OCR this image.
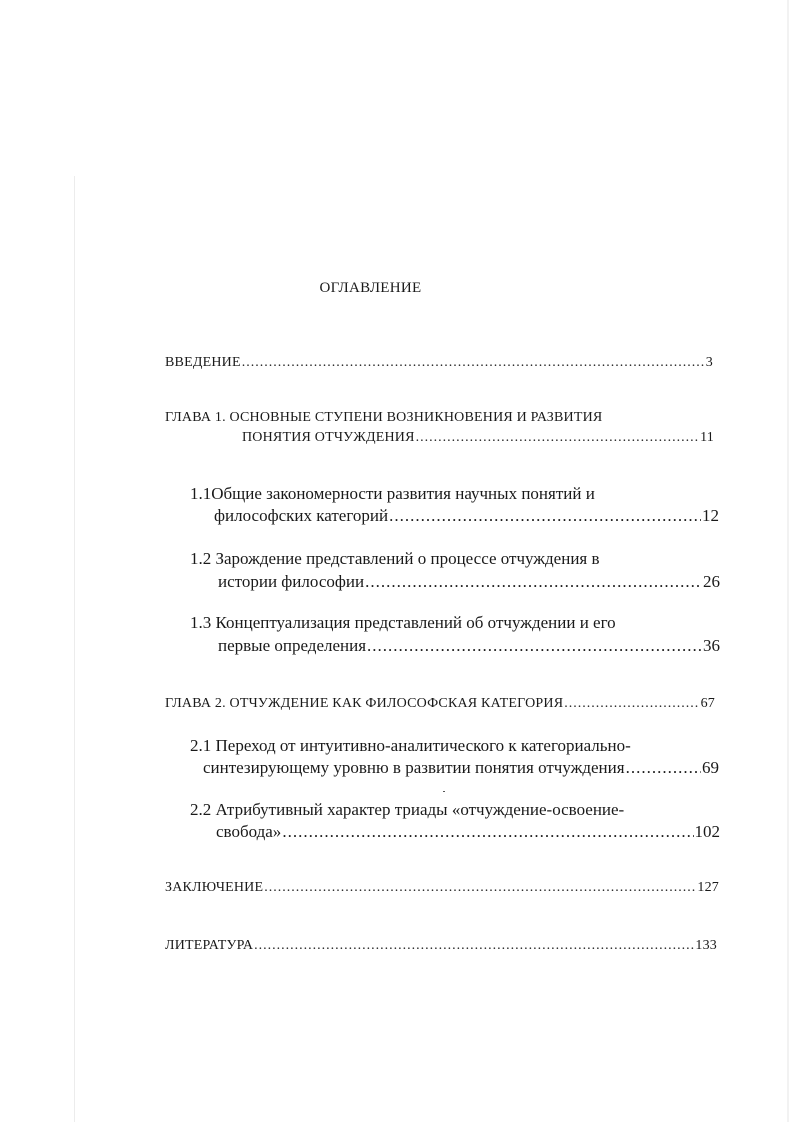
ОГЛАВЛЕНИЕ
ВВЕДЕНИЕ .....	3
ГЛАВА 1. ОСНОВНЫЕ СТУПЕНИ ВОЗНИКНОВЕНИЯ И РАЗВИТИЯ
ПОНЯТИЯ ОТЧУЖДЕНИЯ .....	11
1.1Общие закономерности развития научных понятий и
философских категорий .....	12
1.2 Зарождение представлений о процессе отчуждения в
истории философии .....	26
1.3 Концептуализация представлений об отчуждении и его
первые определения .....	36
ГЛАВА 2. ОТЧУЖДЕНИЕ КАК ФИЛОСОФСКАЯ КАТЕГОРИЯ .....	67
2.1 Переход от интуитивно-аналитического к категориально-
синтезирующему уровню в развитии понятия отчуждения .....	69
2.2 Атрибутивный характер триады «отчуждение-освоение-
свобода» .....	102
ЗАКЛЮЧЕНИЕ .....	127
ЛИТЕРАТУРА .....	133
